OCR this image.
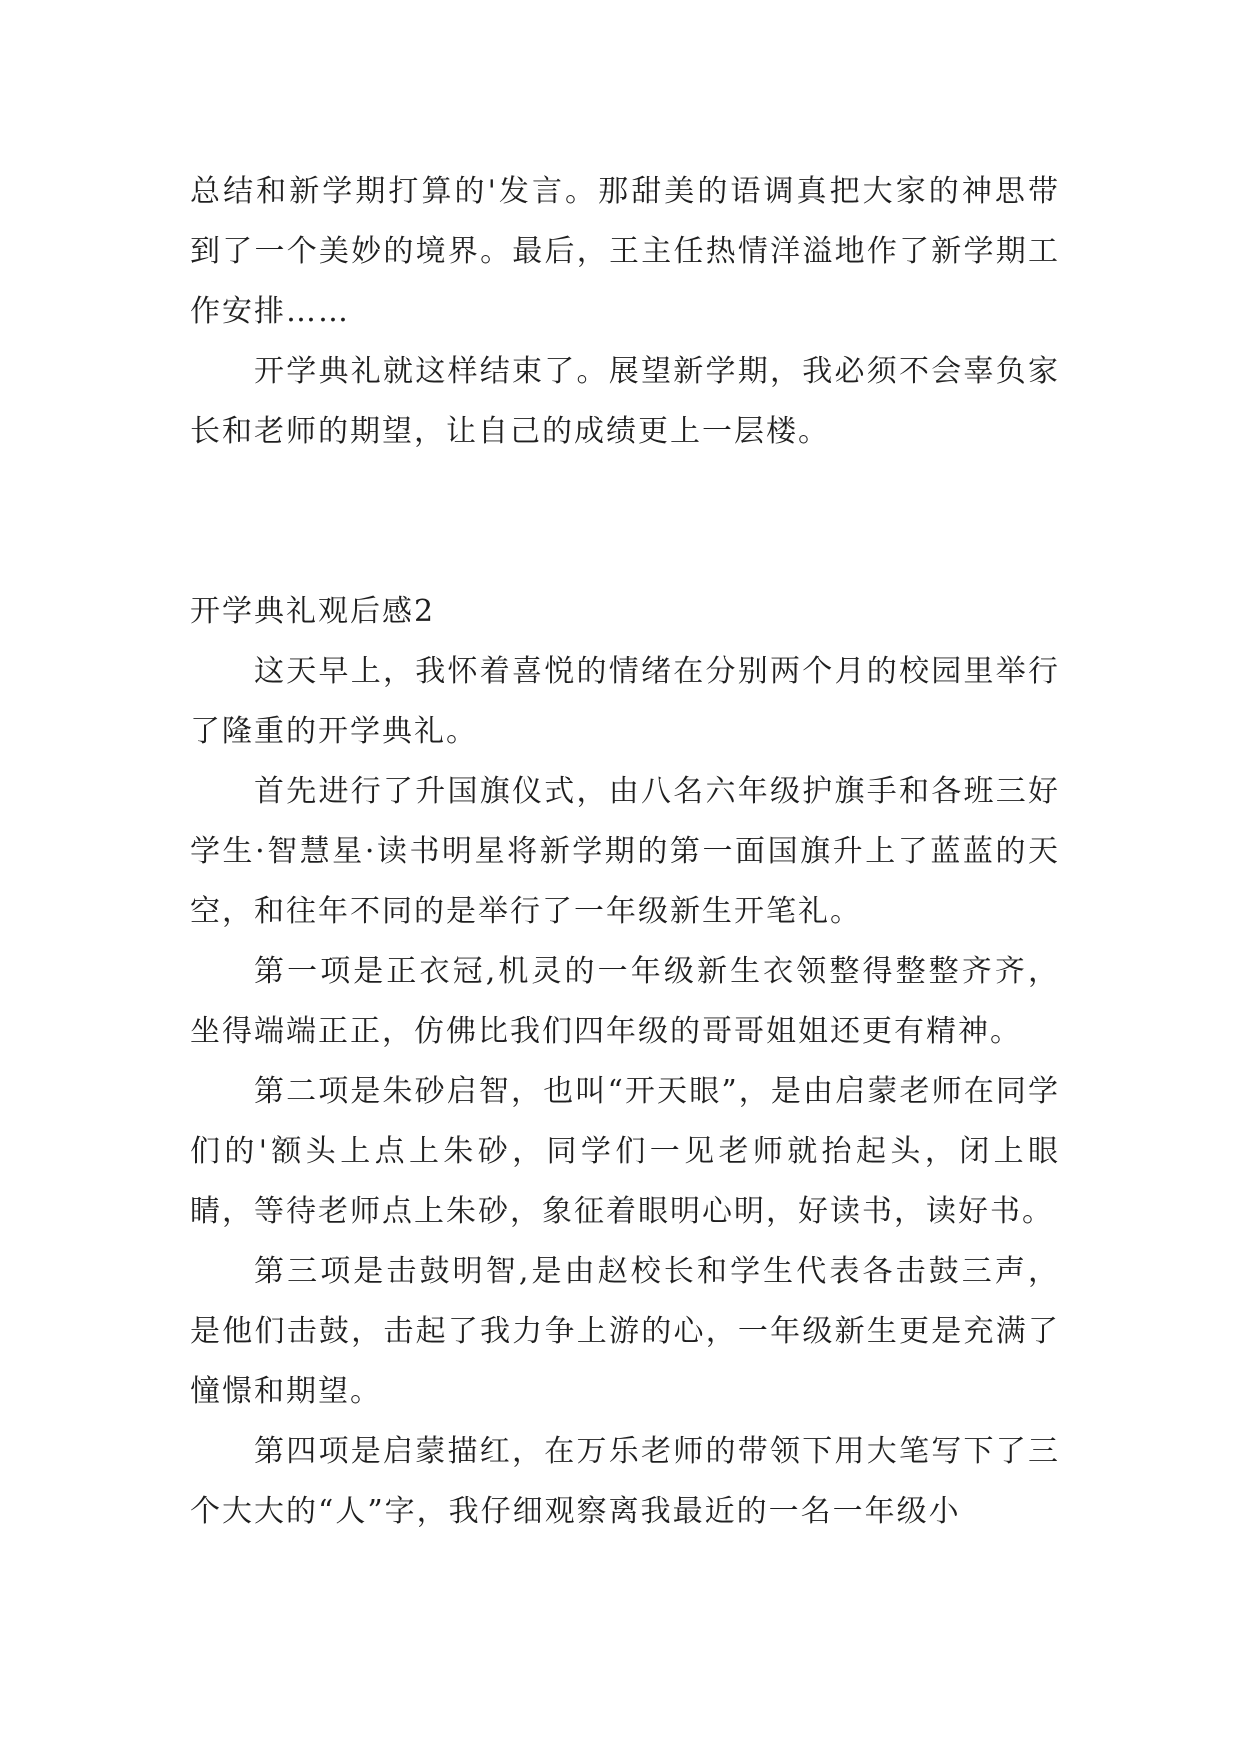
总结和新学期打算的'发言。那甜美的语调真把大家的神思带到了一个美妙的境界。最后，王主任热情洋溢地作了新学期工作安排……

开学典礼就这样结束了。展望新学期，我必须不会辜负家长和老师的期望，让自己的成绩更上一层楼。

开学典礼观后感2

这天早上，我怀着喜悦的情绪在分别两个月的校园里举行了隆重的开学典礼。

首先进行了升国旗仪式，由八名六年级护旗手和各班三好学生·智慧星·读书明星将新学期的第一面国旗升上了蓝蓝的天空，和往年不同的是举行了一年级新生开笔礼。

第一项是正衣冠,机灵的一年级新生衣领整得整整齐齐，坐得端端正正，仿佛比我们四年级的哥哥姐姐还更有精神。

第二项是朱砂启智，也叫“开天眼”，是由启蒙老师在同学们的'额头上点上朱砂，同学们一见老师就抬起头，闭上眼睛，等待老师点上朱砂，象征着眼明心明，好读书，读好书。

第三项是击鼓明智,是由赵校长和学生代表各击鼓三声，是他们击鼓，击起了我力争上游的心，一年级新生更是充满了憧憬和期望。

第四项是启蒙描红，在万乐老师的带领下用大笔写下了三个大大的“人”字，我仔细观察离我最近的一名一年级小
